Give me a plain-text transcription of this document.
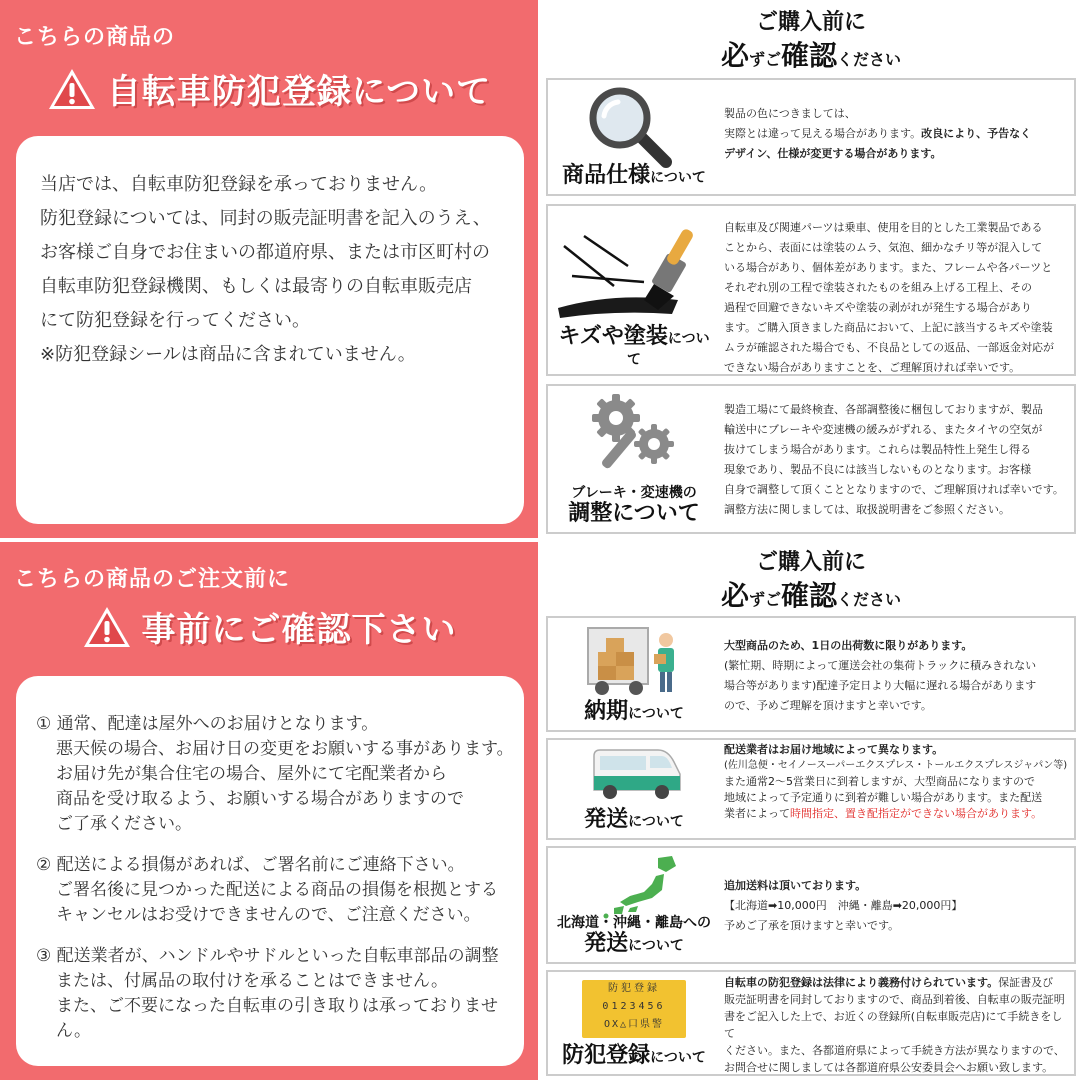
こちらの商品の
自転車防犯登録について

当店では、自転車防犯登録を承っておりません。

防犯登録については、同封の販売証明書を記入のうえ、

お客様ご自身でお住まいの都道府県、または市区町村の

自転車防犯登録機関、もしくは最寄りの自転車販売店

にて防犯登録を行ってください。

※防犯登録シールは商品に含まれていません。

こちらの商品のご注文前に
事前にご確認下さい

① 通常、配達は屋外へのお届けとなります。

悪天候の場合、お届け日の変更をお願いする事があります。

お届け先が集合住宅の場合、屋外にて宅配業者から

商品を受け取るよう、お願いする場合がありますので

ご了承ください。

② 配送による損傷があれば、ご署名前にご連絡下さい。

ご署名後に見つかった配送による商品の損傷を根拠とする

キャンセルはお受けできませんので、ご注意ください。

③ 配送業者が、ハンドルやサドルといった自転車部品の調整

または、付属品の取付けを承ることはできません。

また、ご不要になった自転車の引き取りは承っておりません。

ご購入前に
必ずご確認ください
商品仕様について
製品の色につきましては、
実際とは違って見える場合があります。改良により、予告なく
デザイン、仕様が変更する場合があります。
キズや塗装について
自転車及び関連パーツは乗車、使用を目的とした工業製品である
ことから、表面には塗装のムラ、気泡、細かなチリ等が混入して
いる場合があり、個体差があります。また、フレームや各パーツと
それぞれ別の工程で塗装されたものを組み上げる工程上、その
過程で回避できないキズや塗装の剥がれが発生する場合があり
ます。ご購入頂きました商品において、上記に該当するキズや塗装
ムラが確認された場合でも、不良品としての返品、一部返金対応が
できない場合がありますことを、ご理解頂ければ幸いです。
ブレーキ・変速機の
調整について
製造工場にて最終検査、各部調整後に梱包しておりますが、製品
輸送中にブレーキや変速機の緩みがずれる、またタイヤの空気が
抜けてしまう場合があります。これらは製品特性上発生し得る
現象であり、製品不良には該当しないものとなります。お客様
自身で調整して頂くこととなりますので、ご理解頂ければ幸いです。
調整方法に関しましては、取扱説明書をご参照ください。
ご購入前に
必ずご確認ください
納期について
大型商品のため、1日の出荷数に限りがあります。
(繁忙期、時期によって運送会社の集荷トラックに積みきれない
場合等があります)配達予定日より大幅に遅れる場合があります
ので、予めご理解を頂けますと幸いです。
発送について
配送業者はお届け地域によって異なります。
(佐川急便・セイノースーパーエクスプレス・トールエクスプレスジャパン等)
また通常2～5営業日に到着しますが、大型商品になりますので
地域によって予定通りに到着が難しい場合があります。また配送
業者によって時間指定、置き配指定ができない場合があります。
北海道・沖縄・離島への
発送について
追加送料は頂いております。
【北海道➡10,000円　沖縄・離島➡20,000円】
予めご了承を頂けますと幸いです。
防犯登録
0123456
OX△口県警
防犯登録について
自転車の防犯登録は法律により義務付けられています。保証書及び
販売証明書を同封しておりますので、商品到着後、自転車の販売証明
書をご記入した上で、お近くの登録所(自転車販売店)にて手続きをして
ください。また、各都道府県によって手続き方法が異なりますので、
お問合せに関しましては各都道府県公安委員会へお願い致します。
